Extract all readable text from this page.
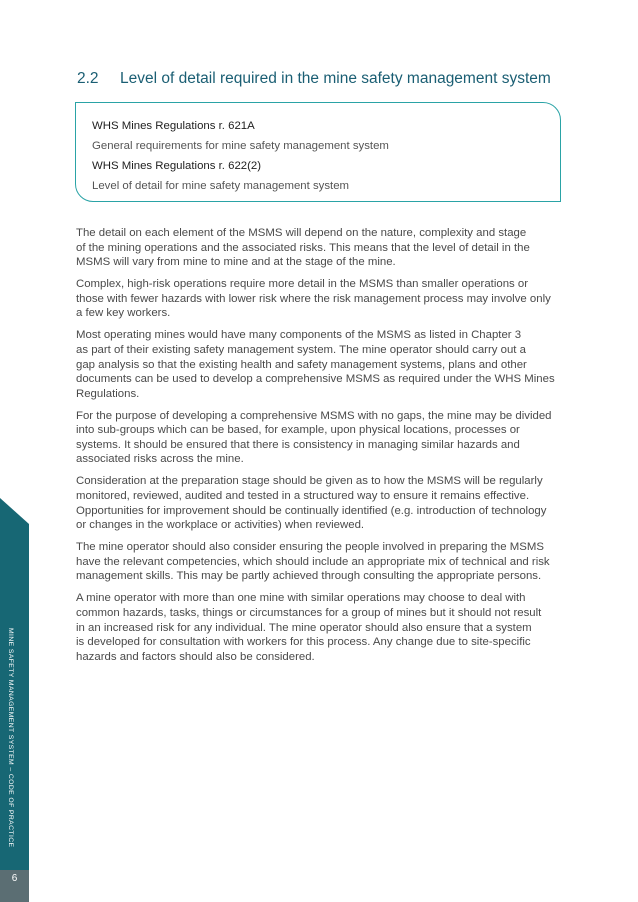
2.2	Level of detail required in the mine safety management system
WHS Mines Regulations r. 621A
General requirements for mine safety management system
WHS Mines Regulations r. 622(2)
Level of detail for mine safety management system

The detail on each element of the MSMS will depend on the nature, complexity and stage
of the mining operations and the associated risks. This means that the level of detail in the
MSMS will vary from mine to mine and at the stage of the mine.

Complex, high-risk operations require more detail in the MSMS than smaller operations or
those with fewer hazards with lower risk where the risk management process may involve only
a few key workers.

Most operating mines would have many components of the MSMS as listed in Chapter 3
as part of their existing safety management system. The mine operator should carry out a
gap analysis so that the existing health and safety management systems, plans and other
documents can be used to develop a comprehensive MSMS as required under the WHS Mines
Regulations.

For the purpose of developing a comprehensive MSMS with no gaps, the mine may be divided
into sub-groups which can be based, for example, upon physical locations, processes or
systems. It should be ensured that there is consistency in managing similar hazards and
associated risks across the mine.

Consideration at the preparation stage should be given as to how the MSMS will be regularly
monitored, reviewed, audited and tested in a structured way to ensure it remains effective.
Opportunities for improvement should be continually identified (e.g. introduction of technology
or changes in the workplace or activities) when reviewed.

The mine operator should also consider ensuring the people involved in preparing the MSMS
have the relevant competencies, which should include an appropriate mix of technical and risk
management skills. This may be partly achieved through consulting the appropriate persons.

A mine operator with more than one mine with similar operations may choose to deal with
common hazards, tasks, things or circumstances for a group of mines but it should not result
in an increased risk for any individual. The mine operator should also ensure that a system
is developed for consultation with workers for this process. Any change due to site-specific
hazards and factors should also be considered.

MINE SAFETY MANAGEMENT SYSTEM – CODE OF PRACTICE
6
